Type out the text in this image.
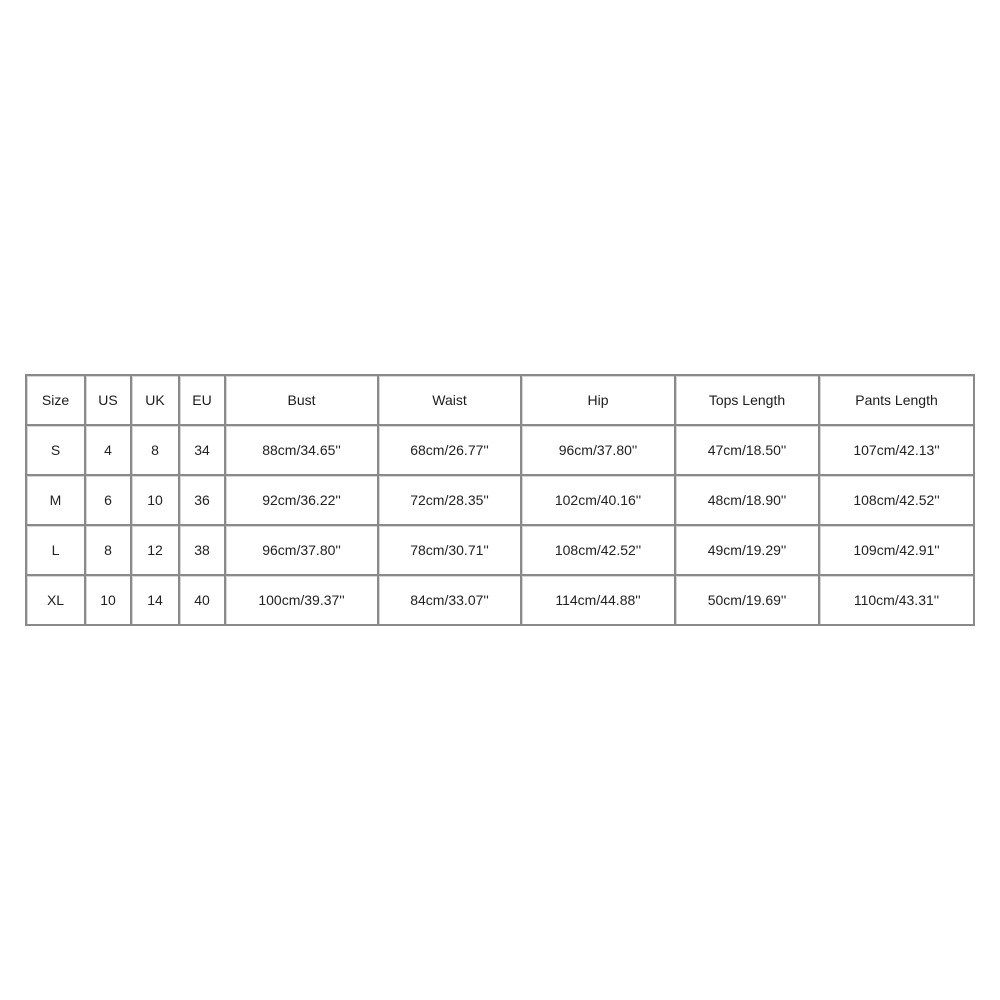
Size	US	UK	EU	Bust	Waist	Hip	Tops Length	Pants Length
S	4	8	34	88cm/34.65''	68cm/26.77''	96cm/37.80''	47cm/18.50''	107cm/42.13''
M	6	10	36	92cm/36.22''	72cm/28.35''	102cm/40.16''	48cm/18.90''	108cm/42.52''
L	8	12	38	96cm/37.80''	78cm/30.71''	108cm/42.52''	49cm/19.29''	109cm/42.91''
XL	10	14	40	100cm/39.37''	84cm/33.07''	114cm/44.88''	50cm/19.69''	110cm/43.31''
